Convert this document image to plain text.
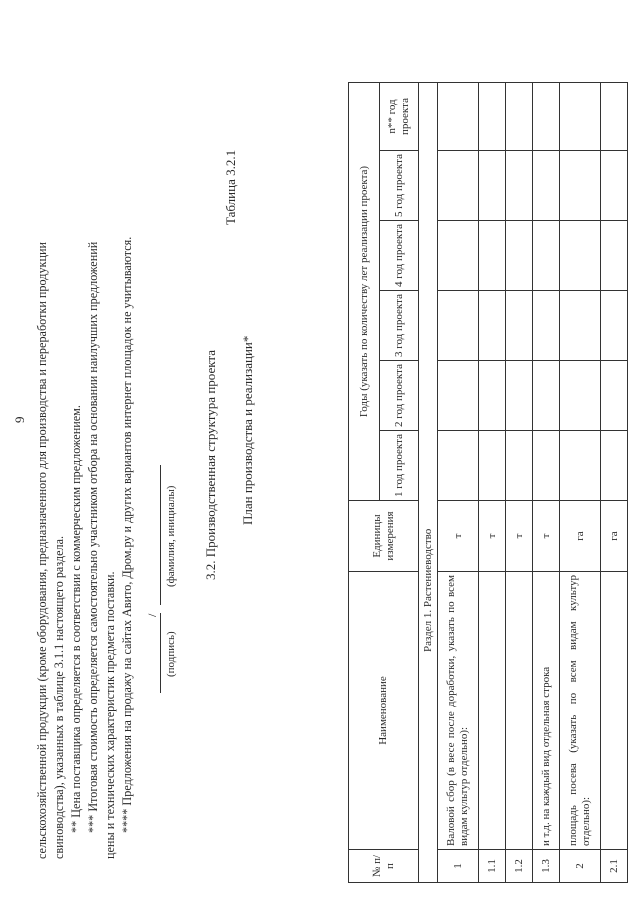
9 сельскохозяйственной продукции (кроме оборудования, предназначенного для производства и переработки продукции свиноводства), указанных в таблице 3.1.1 настоящего раздела. ** Цена поставщика определяется в соответствии с коммерческим предложением. *** Итоговая стоимость определяется самостоятельно участником отбора на основании наилучших предложений цены и технических характеристик предмета поставки. **** Предложения на продажу на сайтах Авито, Дром.ру и других вариантов интернет площадок не учитываются. /
(подпись)
(фамилия, инициалы) 3.2. Производственная структура проекта
Таблица 3.2.1
План производства и реализации*
№ п/п	Наименование	Единицы измерения	Годы (указать по количеству лет реализации проекта)					
			1 год проекта	2 год проекта	3 год проекта	4 год проекта	5 год проекта	n** год проекта
Раздел 1. Растениеводство								
1	Валовой сбор (в весе после доработки, указать по всем видам культур отдельно):	т						
1.1		т						
1.2		т						
1.3	и т.д. на каждый вид отдельная строка	т						
2	площадь посева (указать по всем видам культур отдельно):	га						
2.1		га						
